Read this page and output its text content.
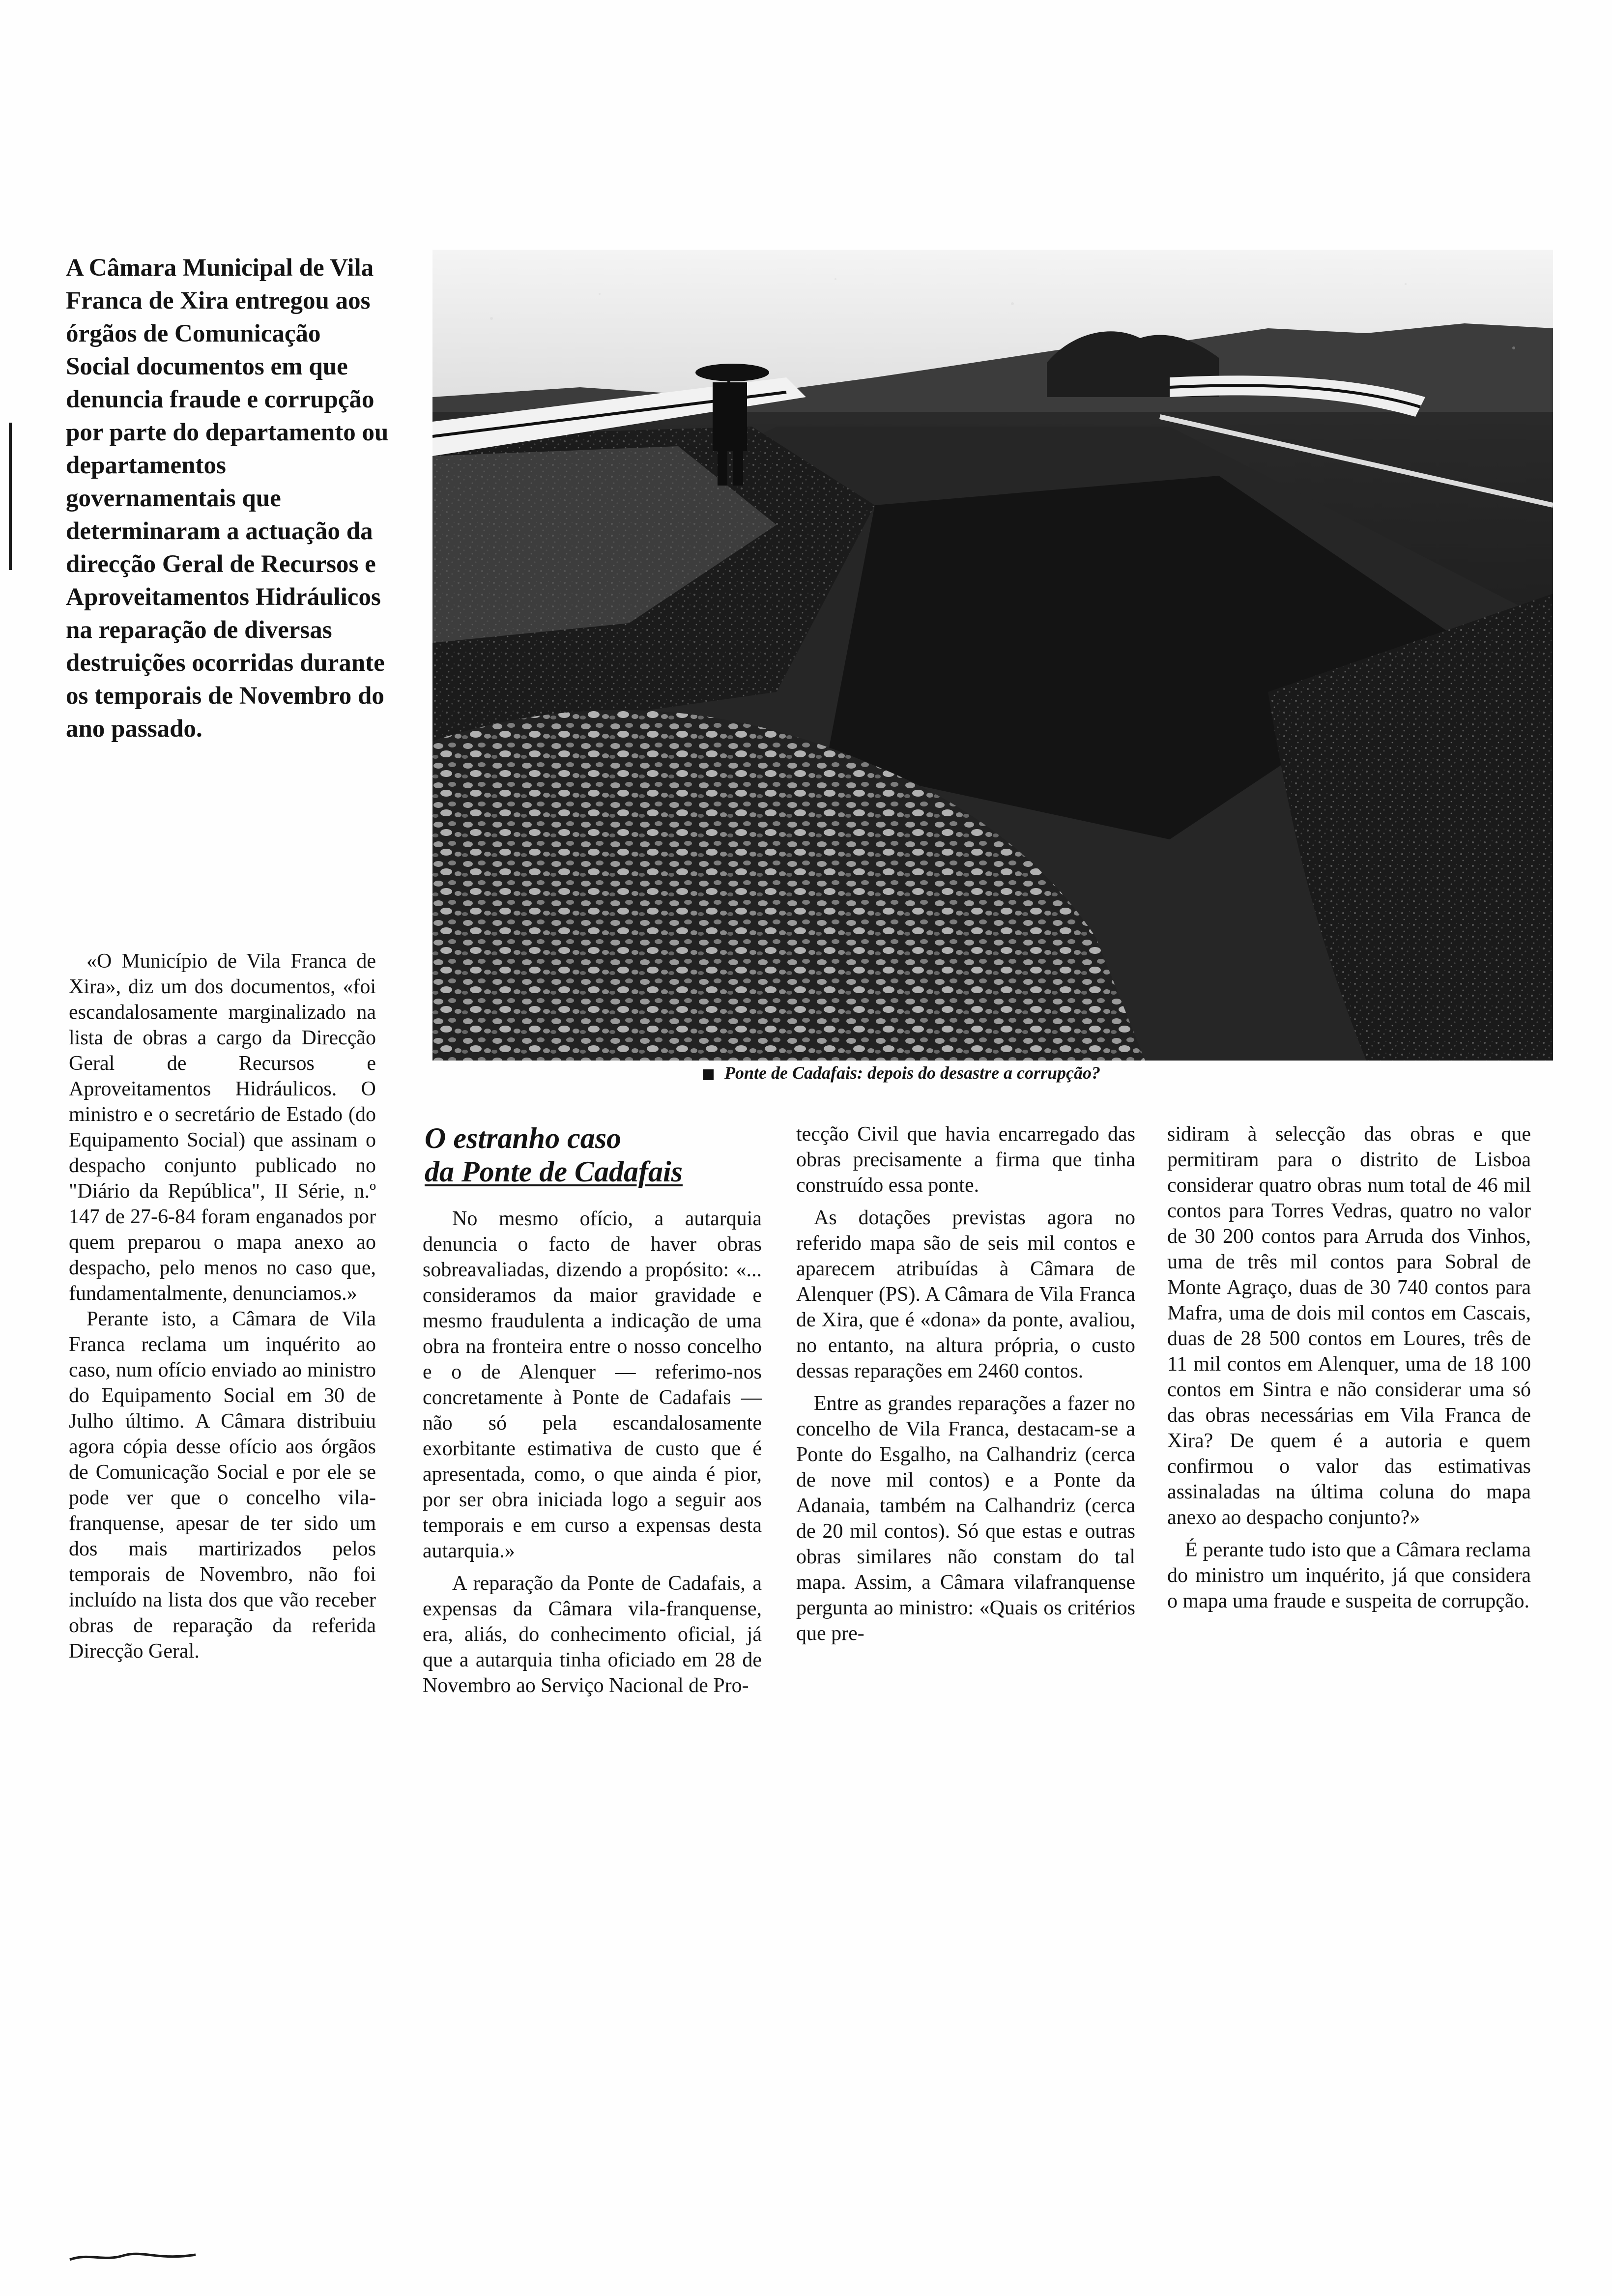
A Câmara Municipal de Vila Franca de Xira entregou aos órgãos de Comunicação Social documentos em que denuncia fraude e corrupção por parte do departamento ou departamentos governamentais que determinaram a actuação da direcção Geral de Recursos e Aproveitamentos Hidráulicos na reparação de diversas destruições ocorridas durante os temporais de Novembro do ano passado.

Ponte de Cadafais: depois do desastre a corrupção?

«O Município de Vila Franca de Xira», diz um dos documentos, «foi escandalosamente marginalizado na lista de obras a cargo da Direcção Geral de Recursos e Aproveitamentos Hidráulicos. O ministro e o secretário de Estado (do Equipamento Social) que assinam o despacho conjunto publicado no "Diário da República", II Série, n.º 147 de 27-6-84 foram enganados por quem preparou o mapa anexo ao despacho, pelo menos no caso que, fundamentalmente, denunciamos.»

Perante isto, a Câmara de Vila Franca reclama um inquérito ao caso, num ofício enviado ao ministro do Equipamento Social em 30 de Julho último. A Câmara distribuiu agora cópia desse ofício aos órgãos de Comunicação Social e por ele se pode ver que o concelho vila-franquense, apesar de ter sido um dos mais martirizados pelos temporais de Novembro, não foi incluído na lista dos que vão receber obras de reparação da referida Direcção Geral.

O estranho caso
da Ponte de Cadafais

No mesmo ofício, a autarquia denuncia o facto de haver obras sobreavaliadas, dizendo a propósito: «... consideramos da maior gravidade e mesmo fraudulenta a indicação de uma obra na fronteira entre o nosso concelho e o de Alenquer — referimo-nos concretamente à Ponte de Cadafais — não só pela escandalosamente exorbitante estimativa de custo que é apresentada, como, o que ainda é pior, por ser obra iniciada logo a seguir aos temporais e em curso a expensas desta autarquia.»

A reparação da Ponte de Cadafais, a expensas da Câmara vila-franquense, era, aliás, do conhecimento oficial, já que a autarquia tinha oficiado em 28 de Novembro ao Serviço Nacional de Pro-

tecção Civil que havia encarregado das obras precisamente a firma que tinha construído essa ponte.

As dotações previstas agora no referido mapa são de seis mil contos e aparecem atribuídas à Câmara de Alenquer (PS). A Câmara de Vila Franca de Xira, que é «dona» da ponte, avaliou, no entanto, na altura própria, o custo dessas reparações em 2460 contos.

Entre as grandes reparações a fazer no concelho de Vila Franca, destacam-se a Ponte do Esgalho, na Calhandriz (cerca de nove mil contos) e a Ponte da Adanaia, também na Calhandriz (cerca de 20 mil contos). Só que estas e outras obras similares não constam do tal mapa. Assim, a Câmara vilafranquense pergunta ao ministro: «Quais os critérios que pre-

sidiram à selecção das obras e que permitiram para o distrito de Lisboa considerar quatro obras num total de 46 mil contos para Torres Vedras, quatro no valor de 30 200 contos para Arruda dos Vinhos, uma de três mil contos para Sobral de Monte Agraço, duas de 30 740 contos para Mafra, uma de dois mil contos em Cascais, duas de 28 500 contos em Loures, três de 11 mil contos em Alenquer, uma de 18 100 contos em Sintra e não considerar uma só das obras necessárias em Vila Franca de Xira? De quem é a autoria e quem confirmou o valor das estimativas assinaladas na última coluna do mapa anexo ao despacho conjunto?»

É perante tudo isto que a Câmara reclama do ministro um inquérito, já que considera o mapa uma fraude e suspeita de corrupção.
